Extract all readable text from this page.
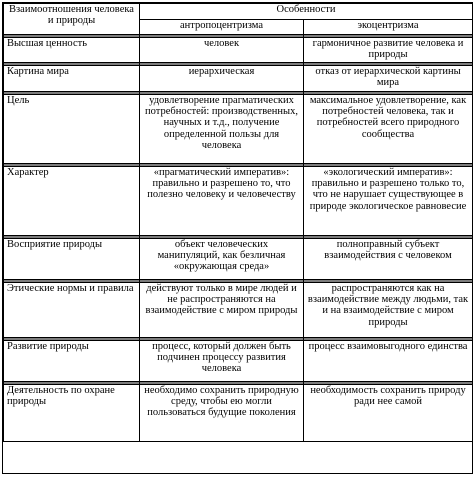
Взаимоотношения человека и природы	Особенности	
	антропоцентризма	экоцентризма

Высшая ценность	человек	гармоничное развитие человека и природы

Картина мира	иерархическая	отказ от иерархической картины мира

Цель	удовлетворение прагматических потребностей: производственных, научных и т.д., получение определенной пользы для человека	максимальное удовлетворение, как потребностей человека, так и потребностей всего природного сообщества

Характер	«прагматический императив»: правильно и разрешено то, что полезно человеку и человечеству	«экологический императив»: правильно и разрешено только то, что не нарушает существующее в природе экологическое равновесие

Восприятие природы	объект человеческих манипуляций, как безличная «окружающая среда»	полноправный субъект взаимодействия с человеком

Этические нормы и правила	действуют только в мире людей и не распространяются на взаимодействие с миром природы	распространяются как на взаимодействие между людьми, так и на взаимодействие с миром природы

Развитие природы	процесс, который должен быть подчинен процессу развития человека	процесс взаимовыгодного единства

Деятельность по охране природы	необходимо сохранить природную среду, чтобы ею могли пользоваться будущие поколения	необходимость сохранить природу ради нее самой
